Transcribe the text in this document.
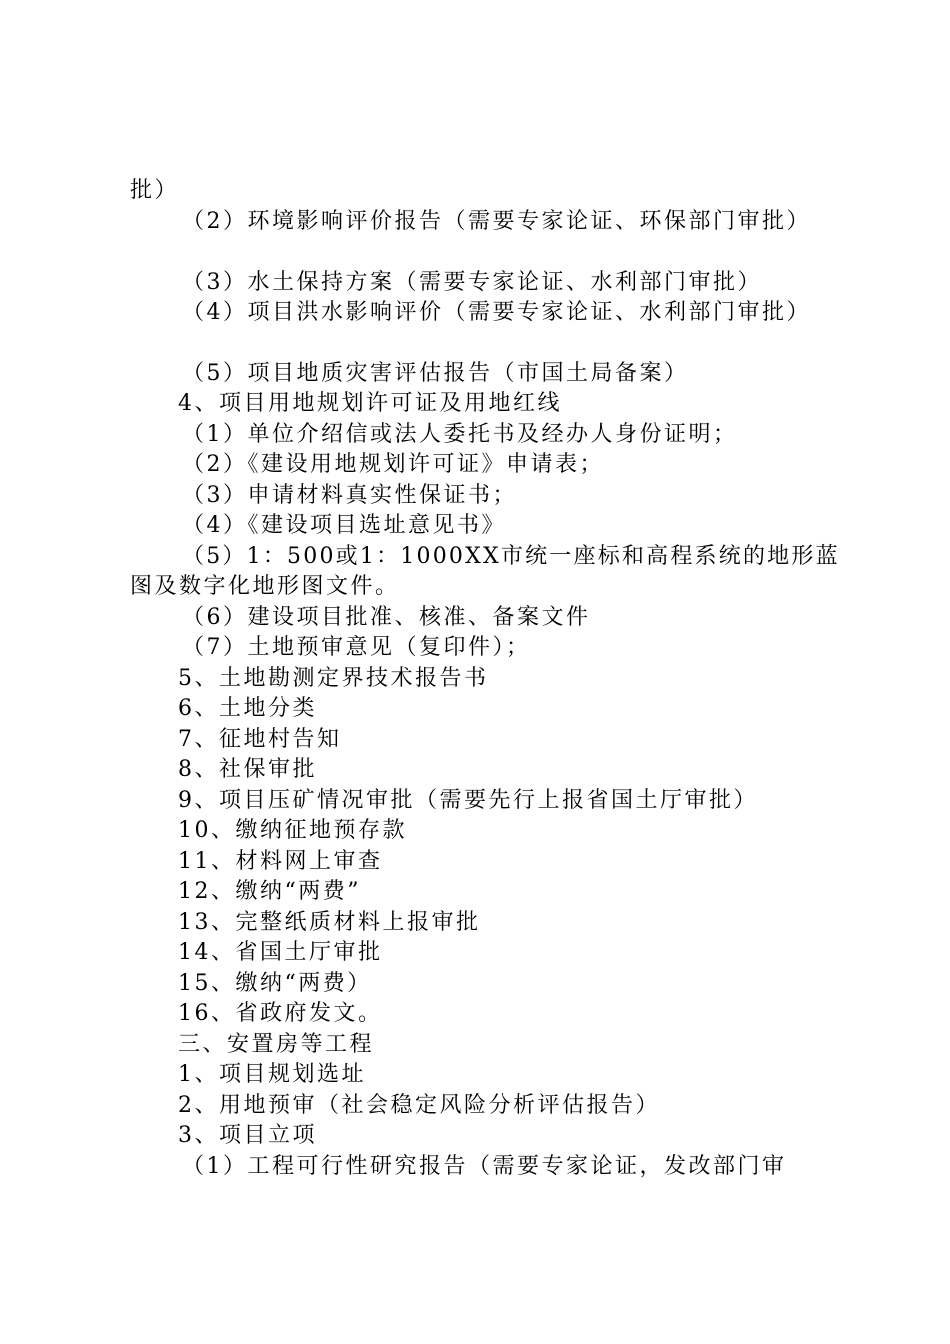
批）
（2）环境影响评价报告（需要专家论证、环保部门审批）
（3）水土保持方案（需要专家论证、水利部门审批）
（4）项目洪水影响评价（需要专家论证、水利部门审批）
（5）项目地质灾害评估报告（市国土局备案）
4、项目用地规划许可证及用地红线
（1）单位介绍信或法人委托书及经办人身份证明；
（2）《建设用地规划许可证》申请表；
（3）申请材料真实性保证书；
（4）《建设项目选址意见书》
（5）1：500或1：1000XX市统一座标和高程系统的地形蓝
图及数字化地形图文件。
（6）建设项目批准、核准、备案文件
（7）土地预审意见（复印件）；
5、土地勘测定界技术报告书
6、土地分类
7、征地村告知
8、社保审批
9、项目压矿情况审批（需要先行上报省国土厅审批）
10、缴纳征地预存款
11、材料网上审查
12、缴纳“两费”
13、完整纸质材料上报审批
14、省国土厅审批
15、缴纳“两费）
16、省政府发文。
三、安置房等工程
1、项目规划选址
2、用地预审（社会稳定风险分析评估报告）
3、项目立项
（1）工程可行性研究报告（需要专家论证，发改部门审
